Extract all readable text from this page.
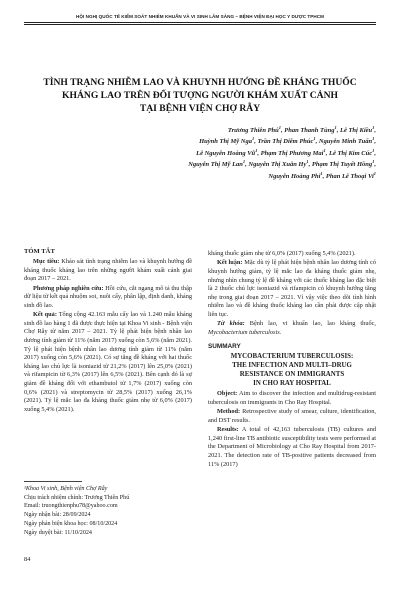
HỘI NGHỊ QUỐC TẾ KIỂM SOÁT NHIỄM KHUẨN VÀ VI SINH LÂM SÀNG – BỆNH VIỆN ĐẠI HỌC Y DƯỢC TPHCM
TÌNH TRẠNG NHIỄM LAO VÀ KHUYNH HƯỚNG ĐỀ KHÁNG THUỐC
KHÁNG LAO TRÊN ĐỐI TƯỢNG NGƯỜI KHÁM XUẤT CẢNH
TẠI BỆNH VIỆN CHỢ RẪY
Trương Thiên Phú$^1$, Phan Thanh Tùng$^1$, Lê Thị Kiều$^1$,
Huỳnh Thị Mỹ Nga$^1$, Trần Thị Diễm Phúc$^1$, Nguyễn Minh Tuấn$^1$,
Lê Nguyễn Hoàng $Vũ^1$, Phạm Thị Phương Mai$^1$, Lê Thị Kim Cúc$^1$,
Nguyễn Thị Mỹ Lan$^1$, Nguyễn Thị Xuân Hy$^1$, Phạm Thị Tuyết Hồng$^1$,
Nguyễn Hoàng Phi$^1$, Phan Lê Thoại Vi$^1$
TÓM TẮT

Mục tiêu: Khảo sát tình trạng nhiễm lao và khuynh hướng đề kháng thuốc kháng lao trên những người khám xuất cảnh giai đoạn 2017 – 2021.

Phương pháp nghiên cứu: Hồi cứu, cắt ngang mô tả thu thập dữ liệu từ kết quả nhuộm soi, nuôi cấy, phân lập, định danh, kháng sinh đồ lao.

Kết quả: Tổng cộng 42.163 mẫu cấy lao và 1.240 mẫu kháng sinh đồ lao hàng 1 đã được thực hiện tại Khoa Vi sinh - Bệnh viện Chợ Rẫy từ năm 2017 – 2021. Tỷ lệ phát hiện bệnh nhân lao dương tính giảm từ 11% (năm 2017) xuống còn 5,6% (năm 2021). Tỷ lệ phát hiện bệnh nhân lao dương tính giảm từ 11% (năm 2017) xuống còn 5,6% (2021). Có sự tăng đề kháng với hai thuốc kháng lao chủ lực là isoniazid từ 21,2% (2017) lên 25,0% (2021) và rifampicin từ 6,3% (2017) lên 6,5% (2021). Bên cạnh đó là sự giảm đề kháng đối với ethambutol từ 1,7% (2017) xuống còn 0,6% (2021) và streptomycin từ 28,5% (2017) xuống 26,1% (2021). Tỷ lệ mắc lao đa kháng thuốc giảm nhẹ từ 6,0% (2017) xuống 5,4% (2021).

¹Khoa Vi sinh, Bệnh viện Chợ Rẫy
Chịu trách nhiệm chính: Trương Thiên Phú
Email: truongthienphu78@yahoo.com
Ngày nhận bài: 28/09/2024
Ngày phản biện khoa học: 08/10/2024
Ngày duyệt bài: 11/10/2024
84

kháng thuốc giảm nhẹ từ 6,0% (2017) xuống 5,4% (2021).

Kết luận: Mặc dù tỷ lệ phát hiện bệnh nhân lao dương tính có khuynh hướng giảm, tỷ lệ mắc lao đa kháng thuốc giảm nhẹ, nhưng nhìn chung tỷ lệ đề kháng với các thuốc kháng lao đặc biệt là 2 thuốc chủ lực isoniazid và rifampicin có khuynh hướng tăng nhẹ trong giai đoạn 2017 – 2021. Vì vậy việc theo dõi tình hình nhiễm lao và đề kháng thuốc kháng lao cần phải được cập nhật liên tục.

Từ khóa: Bệnh lao, vi khuẩn lao, lao kháng thuốc, Mycobacterium tuberculosis.

SUMMARY
MYCOBACTERIUM TUBERCULOSIS:
THE INFECTION AND MULTI–DRUG
RESISTANCE ON IMMIGRANTS
IN CHO RAY HOSPITAL

Object: Aim to discover the infection and multidrug-resistant tuberculosis on immigrants in Cho Ray Hospital.

Method: Retrospective study of smear, culture, identification, and DST results.

Results: A total of 42,163 tuberculosis (TB) cultures and 1,240 first-line TB antibiotic susceptibility tests were performed at the Department of Microbiology at Cho Ray Hospital from 2017-2021. The detection rate of TB-positive patients decreased from 11% (2017)
